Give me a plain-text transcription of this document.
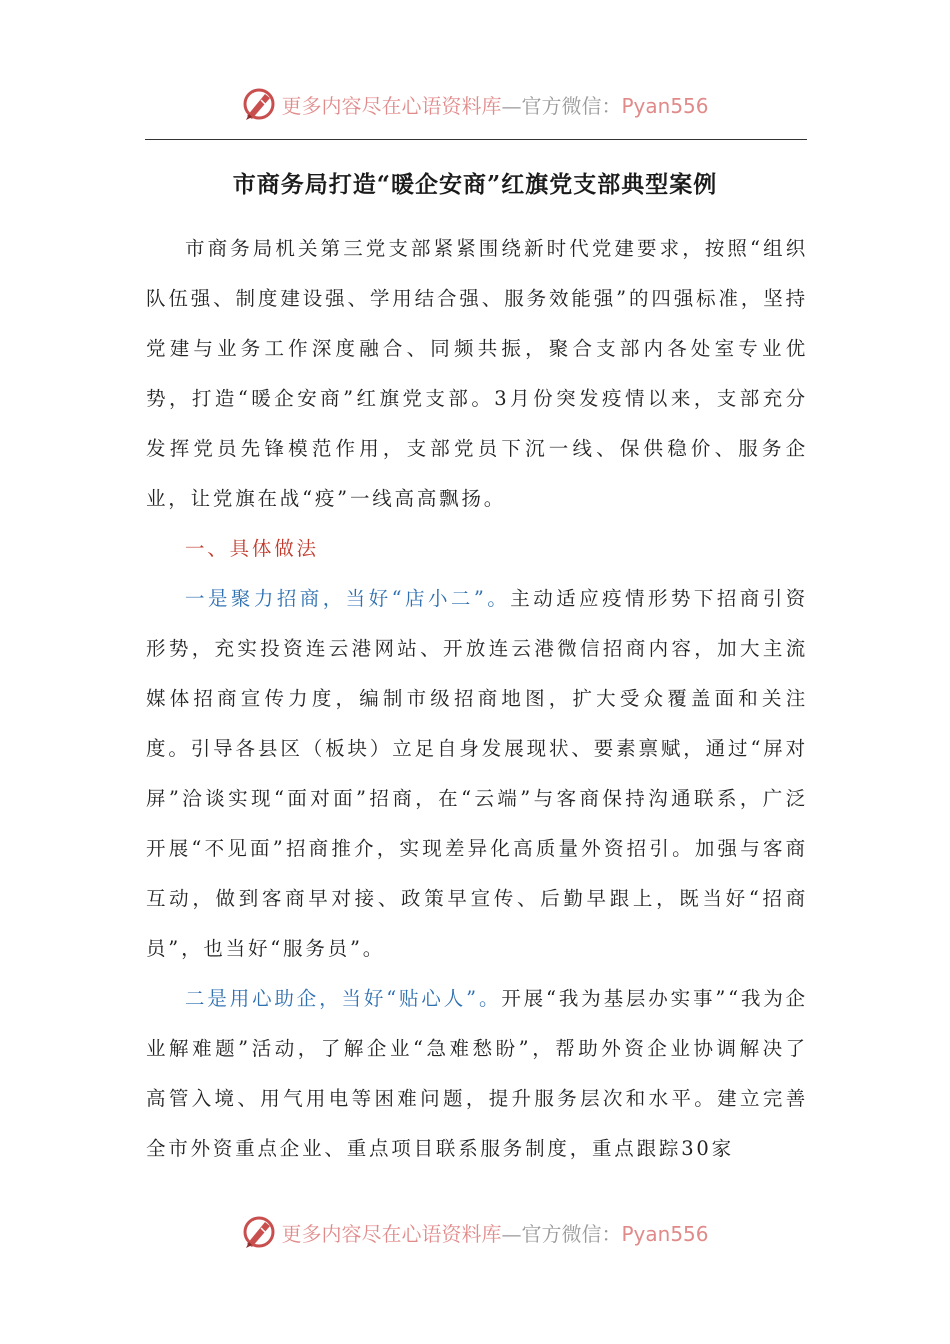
更多内容尽在心语资料库—官方微信：Pyan556
市商务局打造“暖企安商”红旗党支部典型案例

市商务局机关第三党支部紧紧围绕新时代党建要求，按照“组织队伍强、制度建设强、学用结合强、服务效能强”的四强标准，坚持党建与业务工作深度融合、同频共振，聚合支部内各处室专业优势，打造“暖企安商”红旗党支部。3月份突发疫情以来，支部充分发挥党员先锋模范作用，支部党员下沉一线、保供稳价、服务企业，让党旗在战“疫”一线高高飘扬。

一、具体做法

一是聚力招商，当好“店小二”。主动适应疫情形势下招商引资形势，充实投资连云港网站、开放连云港微信招商内容，加大主流媒体招商宣传力度，编制市级招商地图，扩大受众覆盖面和关注度。引导各县区（板块）立足自身发展现状、要素禀赋，通过“屏对屏”洽谈实现“面对面”招商，在“云端”与客商保持沟通联系，广泛开展“不见面”招商推介，实现差异化高质量外资招引。加强与客商互动，做到客商早对接、政策早宣传、后勤早跟上，既当好“招商员”，也当好“服务员”。

二是用心助企，当好“贴心人”。开展“我为基层办实事”“我为企业解难题”活动，了解企业“急难愁盼”，帮助外资企业协调解决了高管入境、用气用电等困难问题，提升服务层次和水平。建立完善全市外资重点企业、重点项目联系服务制度，重点跟踪30家

更多内容尽在心语资料库—官方微信：Pyan556
